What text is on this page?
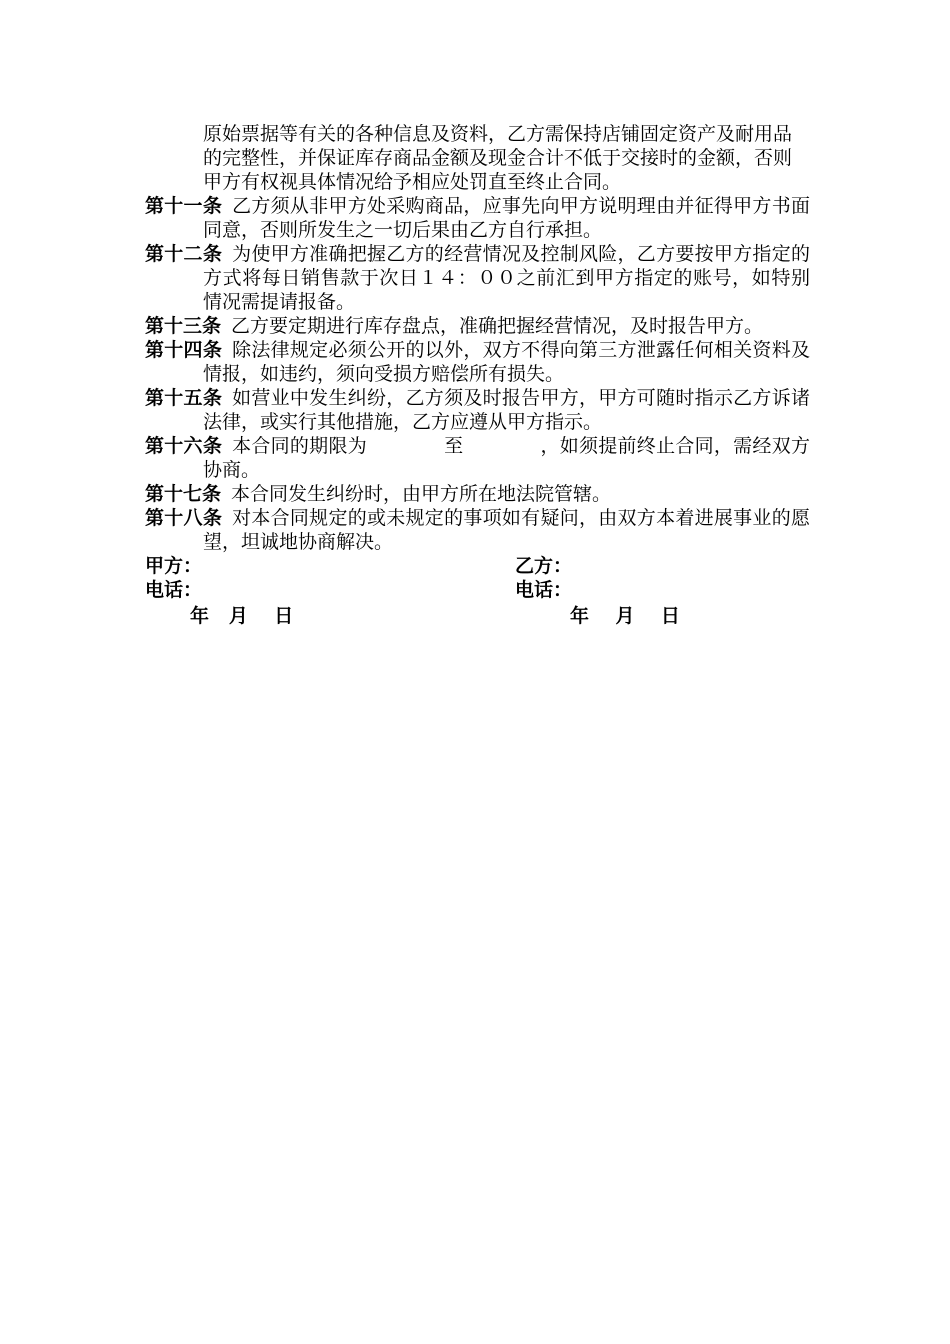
原始票据等有关的各种信息及资料，乙方需保持店铺固定资产及耐用品的完整性，并保证库存商品金额及现金合计不低于交接时的金额，否则甲方有权视具体情况给予相应处罚直至终止合同。
第十一条 乙方须从非甲方处采购商品，应事先向甲方说明理由并征得甲方书面同意，否则所发生之一切后果由乙方自行承担。
第十二条 为使甲方准确把握乙方的经营情况及控制风险，乙方要按甲方指定的方式将每日销售款于次日１４：００之前汇到甲方指定的账号，如特别情况需提请报备。
第十三条 乙方要定期进行库存盘点，准确把握经营情况，及时报告甲方。
第十四条 除法律规定必须公开的以外，双方不得向第三方泄露任何相关资料及情报，如违约，须向受损方赔偿所有损失。
第十五条 如营业中发生纠纷，乙方须及时报告甲方，甲方可随时指示乙方诉诸法律，或实行其他措施，乙方应遵从甲方指示。
第十六条 本合同的期限为　　　　至　　　　，如须提前终止合同，需经双方协商。
第十七条 本合同发生纠纷时，由甲方所在地法院管辖。
第十八条 对本合同规定的或未规定的事项如有疑问，由双方本着进展事业的愿望，坦诚地协商解决。
甲方：	乙方：
电话：	电话：
年   月    日	年    月    日
